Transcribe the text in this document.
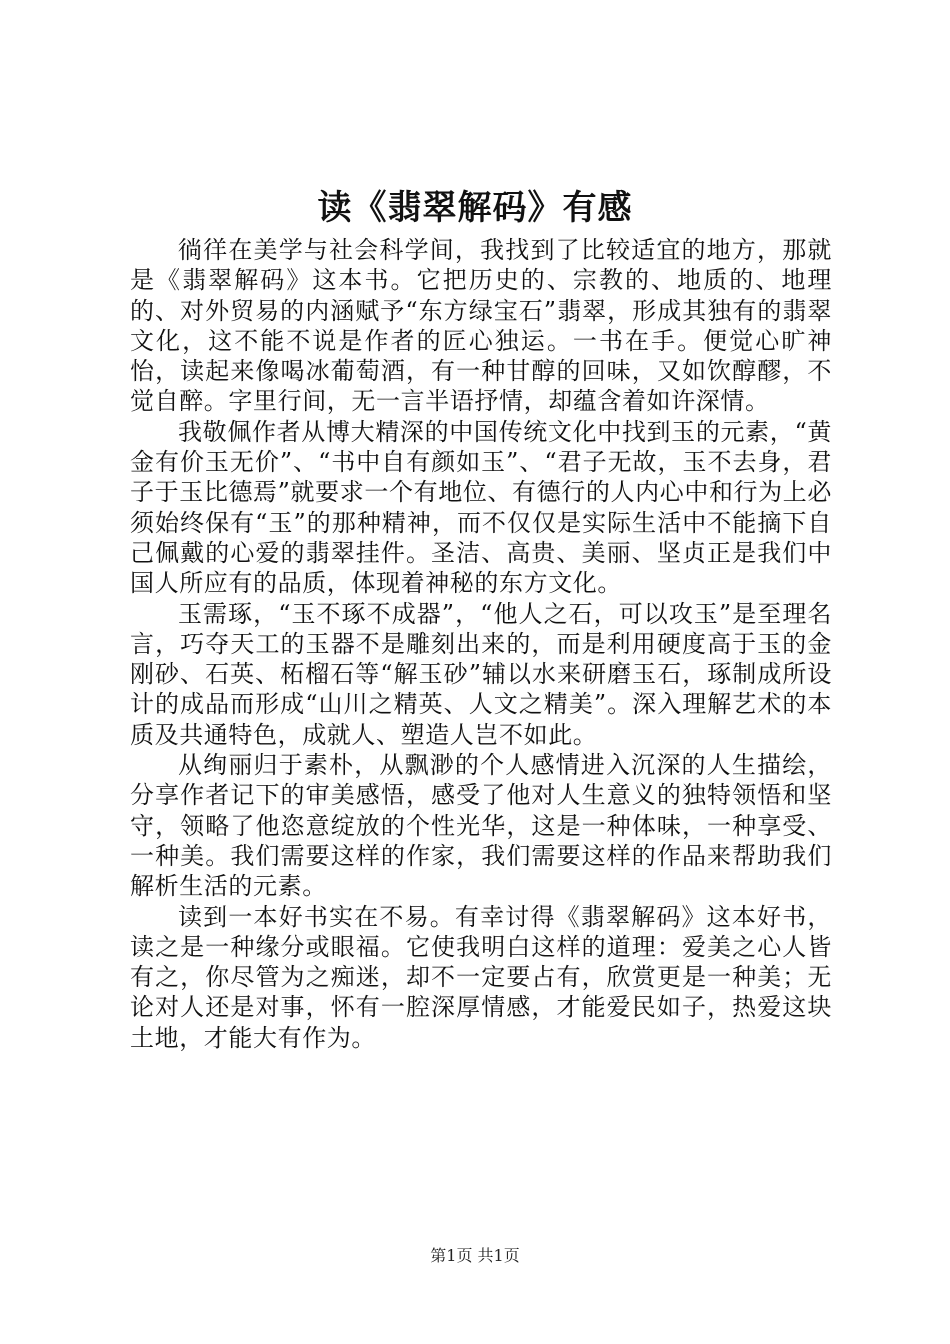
读《翡翠解码》有感

徜徉在美学与社会科学间，我找到了比较适宜的地方，那就是《翡翠解码》这本书。它把历史的、宗教的、地质的、地理的、对外贸易的内涵赋予“东方绿宝石”翡翠，形成其独有的翡翠文化，这不能不说是作者的匠心独运。一书在手。便觉心旷神怡，读起来像喝冰葡萄酒，有一种甘醇的回味，又如饮醇醪，不觉自醉。字里行间，无一言半语抒情，却蕴含着如许深情。

我敬佩作者从博大精深的中国传统文化中找到玉的元素，“黄金有价玉无价”、“书中自有颜如玉”、“君子无故，玉不去身，君子于玉比德焉”就要求一个有地位、有德行的人内心中和行为上必须始终保有“玉”的那种精神，而不仅仅是实际生活中不能摘下自己佩戴的心爱的翡翠挂件。圣洁、高贵、美丽、坚贞正是我们中国人所应有的品质，体现着神秘的东方文化。

玉需琢，“玉不琢不成器”，“他人之石，可以攻玉”是至理名言，巧夺天工的玉器不是雕刻出来的，而是利用硬度高于玉的金刚砂、石英、柘榴石等“解玉砂”辅以水来研磨玉石，琢制成所设计的成品而形成“山川之精英、人文之精美”。深入理解艺术的本质及共通特色，成就人、塑造人岂不如此。

从绚丽归于素朴，从飘渺的个人感情进入沉深的人生描绘，分享作者记下的审美感悟，感受了他对人生意义的独特领悟和坚守，领略了他恣意绽放的个性光华，这是一种体味，一种享受、一种美。我们需要这样的作家，我们需要这样的作品来帮助我们解析生活的元素。

读到一本好书实在不易。有幸讨得《翡翠解码》这本好书，读之是一种缘分或眼福。它使我明白这样的道理：爱美之心人皆有之，你尽管为之痴迷，却不一定要占有，欣赏更是一种美；无论对人还是对事，怀有一腔深厚情感，才能爱民如子，热爱这块土地，才能大有作为。

第1页 共1页
